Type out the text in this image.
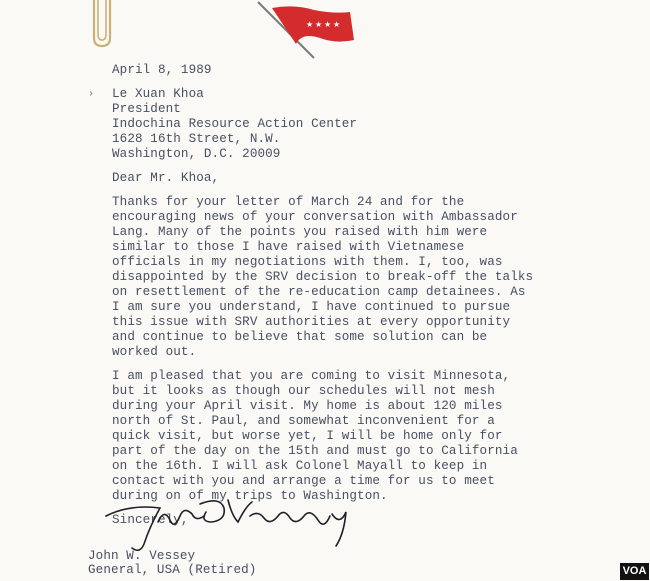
★ ★ ★ ★
›
April 8, 1989
Le Xuan Khoa
President
Indochina Resource Action Center
1628 16th Street, N.W.
Washington, D.C. 20009
Dear Mr. Khoa,
Thanks for your letter of March 24 and for the
encouraging news of your conversation with Ambassador
Lang. Many of the points you raised with him were
similar to those I have raised with Vietnamese
officials in my negotiations with them. I, too, was
disappointed by the SRV decision to break-off the talks
on resettlement of the re-education camp detainees. As
I am sure you understand, I have continued to pursue
this issue with SRV authorities at every opportunity
and continue to believe that some solution can be
worked out.
I am pleased that you are coming to visit Minnesota,
but it looks as though our schedules will not mesh
during your April visit. My home is about 120 miles
north of St. Paul, and somewhat inconvenient for a
quick visit, but worse yet, I will be home only for
part of the day on the 15th and must go to California
on the 16th. I will ask Colonel Mayall to keep in
contact with you and arrange a time for us to meet
during on of my trips to Washington.
Sincerely,
John W. Vessey
General, USA (Retired)	VOA
